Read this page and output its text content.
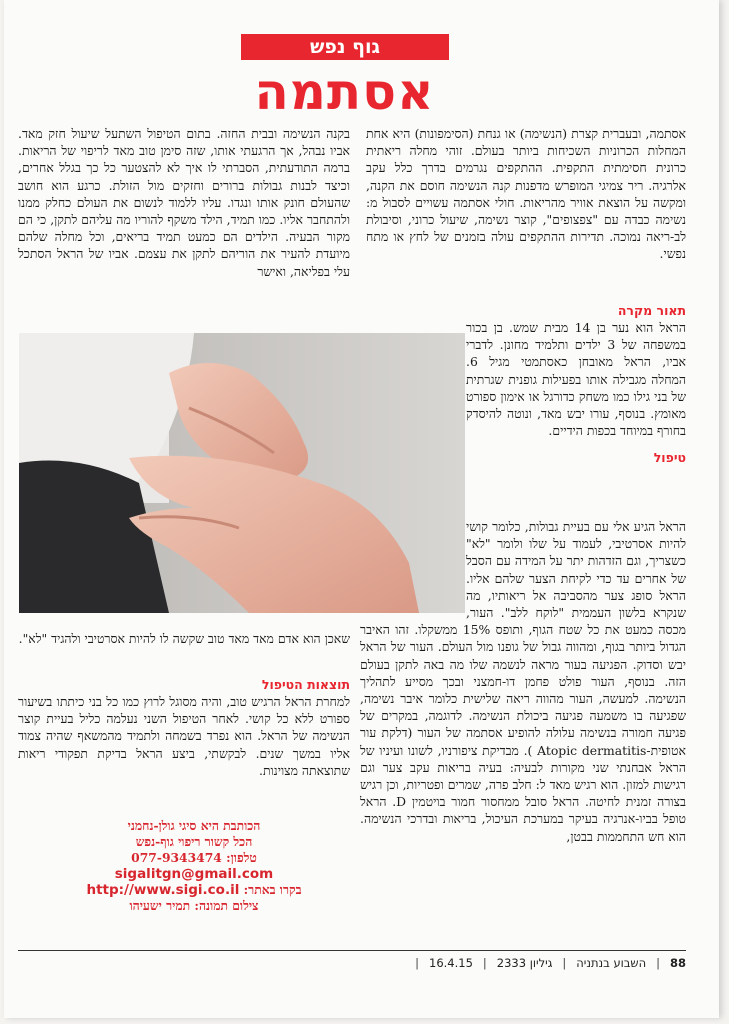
גוף נפש
אסתמה

אסתמה, ובעברית קצרת (הנשימה) או גנחת (הסימפונות) היא אחת המחלות הכרוניות השכיחות ביותר בעולם. זוהי מחלה ריאתית כרונית חסימתית התקפית. ההתקפים נגרמים בדרך כלל עקב אלרגיה. ריר צמיגי המופרש מדפנות קנה הנשימה חוסם את הקנה, ומקשה על הוצאת אוויר מהריאות. חולי אסתמה עשויים לסבול מ: נשימה כבדה עם "צפצופים", קוצר נשימה, שיעול כרוני, וסיבולת לב-ריאה נמוכה. תדירות ההתקפים עולה בזמנים של לחץ או מתח נפשי.

תאור מקרה

הראל הוא נער בן 14 מבית שמש. בן בכור במשפחה של 3 ילדים ותלמיד מחונן. לדברי אביו, הראל מאובחן כאסתמטי מגיל 6. המחלה מגבילה אותו בפעילות גופנית שגרתית של בני גילו כמו משחק כדורגל או אימון ספורט מאומץ. בנוסף, עורו יבש מאד, ונוטה להיסדק בחורף במיוחד בכפות הידיים.

טיפול

הראל הגיע אלי עם בעיית גבולות, כלומר קושי להיות אסרטיבי, לעמוד על שלו ולומר "לא" כשצריך, וגם הזדהות יתר על המידה עם הסבל של אחרים עד כדי לקיחת הצער שלהם אליו. הראל סופג צער מהסביבה אל ריאותיו, מה שנקרא בלשון העממית "לוקח ללב". העור, מכסה כמעט את כל שטח הגוף, ותופס 15% ממשקלו. זהו האיבר הגדול ביותר בגוף, ומהווה גבול של גופנו מול העולם. העור של הראל יבש וסדוק. הפגיעה בעור מראה לנשמה שלו מה באה לתקן בעולם הזה. בנוסף, העור פולט פחמן דו-חמצני ובכך מסייע לתהליך הנשימה. למעשה, העור מהווה ריאה שלישית כלומר איבר נשימה, שפגיעה בו משמעה פגיעה ביכולת הנשימה. לדוגמה, במקרים של פגיעה חמורה בנשימה עלולה להופיע אסתמה של העור (דלקת עור אטופית-Atopic dermatitis ). מבדיקת ציפורניו, לשונו ועיניו של הראל אבחנתי שני מקורות לבעיה: בעיה בריאות עקב צער וגם רגישות למזון. הוא רגיש מאד ל: חלב פרה, שמרים ופטריות, וכן רגיש בצורה זמנית לחיטה. הראל סובל ממחסור חמור בויטמין D. הראל טופל בביו-אנרגיה בעיקר במערכת העיכול, בריאות ובדרכי הנשימה. הוא חש התחממות בבטן,

בקנה הנשימה ובבית החזה. בתום הטיפול השתעל שיעול חזק מאד. אביו נבהל, אך הרגעתי אותו, שזה סימן טוב מאד לריפוי של הריאות. ברמה התודעתית, הסברתי לו איך לא להצטער כל כך בגלל אחרים, וכיצד לבנות גבולות ברורים וחזקים מול הזולת. כרגע הוא חושב שהעולם חונק אותו ונגדו. עליו ללמוד לנשום את העולם כחלק ממנו ולהתחבר אליו. כמו תמיד, הילד משקף להוריו מה עליהם לתקן, כי הם מקור הבעיה. הילדים הם כמעט תמיד בריאים, וכל מחלה שלהם מיועדת להעיר את הוריהם לתקן את עצמם. אביו של הראל הסתכל עלי בפליאה, ואישר

שאכן הוא אדם מאד מאד טוב שקשה לו להיות אסרטיבי ולהגיד "לא".

תוצאות הטיפול

למחרת הראל הרגיש טוב, והיה מסוגל לרוץ כמו כל בני כיתתו בשיעור ספורט ללא כל קושי. לאחר הטיפול השני נעלמה כליל בעיית קוצר הנשימה של הראל. הוא נפרד בשמחה ולתמיד מהמשאף שהיה צמוד אליו במשך שנים. לבקשתי, ביצע הראל בדיקת תפקודי ריאות שתוצאתה מצוינות.

הכותבת היא סיגי גולן-נחמני
הכל קשור ריפוי גוף-נפש
טלפון: 077-9343474
sigalitgn@gmail.com
בקרו באתר: http://www.sigi.co.il
צילום תמונה: תמיר ישעיהו
88
|
השבוע בנתניה
|
גיליון 2333
|
16.4.15
|
